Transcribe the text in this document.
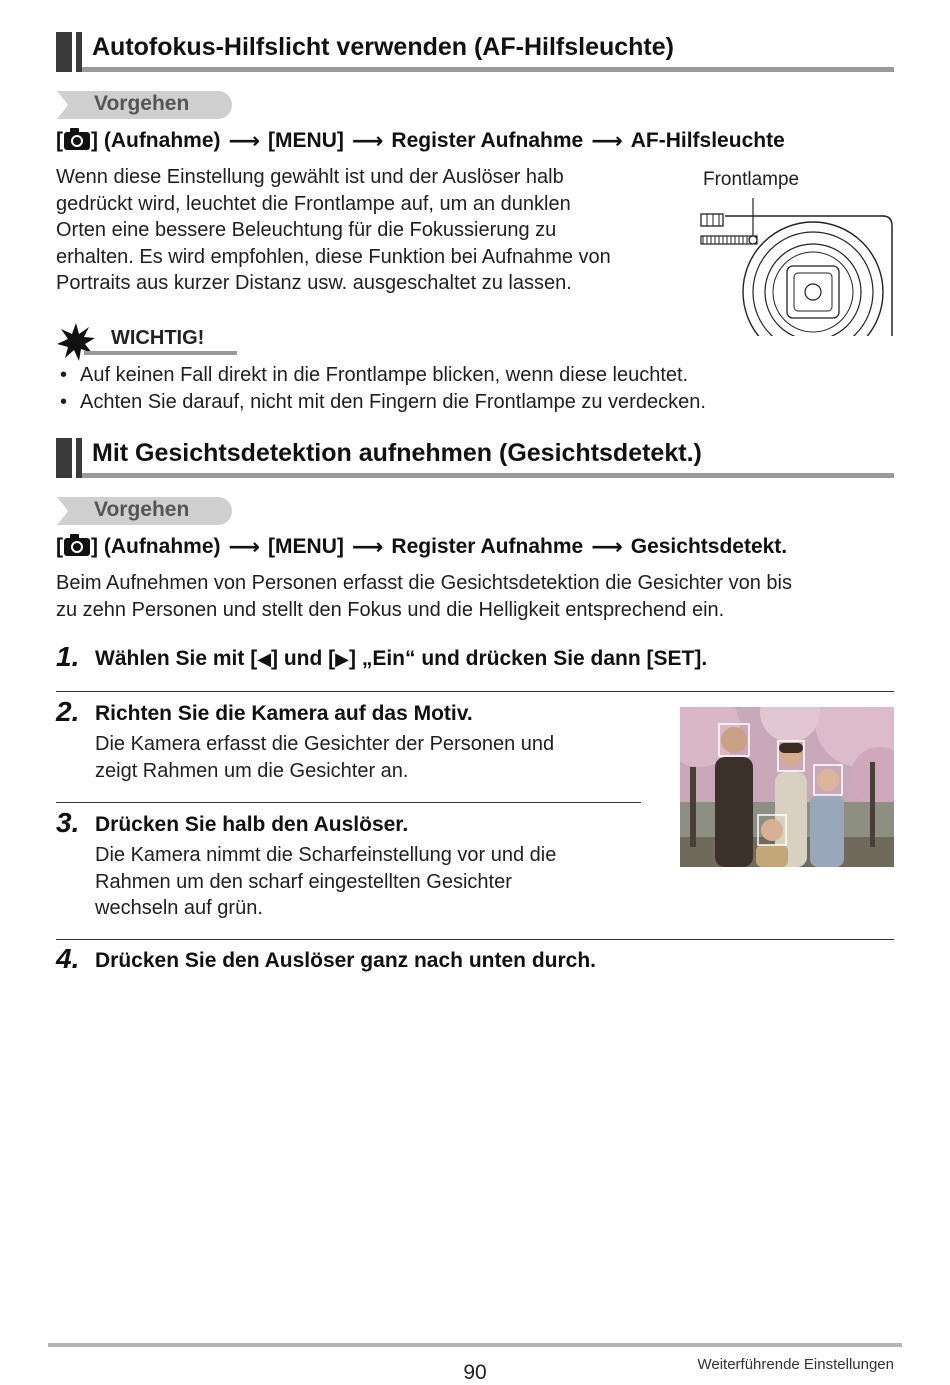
Autofokus-Hilfslicht verwenden (AF-Hilfsleuchte)
Vorgehen
[ ] (Aufnahme) ⟶ [MENU] ⟶ Register Aufnahme ⟶ AF-Hilfsleuchte
Wenn diese Einstellung gewählt ist und der Auslöser halb
gedrückt wird, leuchtet die Frontlampe auf, um an dunklen
Orten eine bessere Beleuchtung für die Fokussierung zu
erhalten. Es wird empfohlen, diese Funktion bei Aufnahme von
Portraits aus kurzer Distanz usw. ausgeschaltet zu lassen.
Frontlampe
WICHTIG!
• Auf keinen Fall direkt in die Frontlampe blicken, wenn diese leuchtet.
• Achten Sie darauf, nicht mit den Fingern die Frontlampe zu verdecken.
Mit Gesichtsdetektion aufnehmen (Gesichtsdetekt.)
Vorgehen
[ ] (Aufnahme) ⟶ [MENU] ⟶ Register Aufnahme ⟶ Gesichtsdetekt.
Beim Aufnehmen von Personen erfasst die Gesichtsdetektion die Gesichter von bis
zu zehn Personen und stellt den Fokus und die Helligkeit entsprechend ein.
1. Wählen Sie mit [◀] und [▶] „Ein“ und drücken Sie dann [SET].
2. Richten Sie die Kamera auf das Motiv.
Die Kamera erfasst die Gesichter der Personen und
zeigt Rahmen um die Gesichter an.
3. Drücken Sie halb den Auslöser.
Die Kamera nimmt die Scharfeinstellung vor und die
Rahmen um den scharf eingestellten Gesichter
wechseln auf grün.
4. Drücken Sie den Auslöser ganz nach unten durch.
90	Weiterführende Einstellungen
